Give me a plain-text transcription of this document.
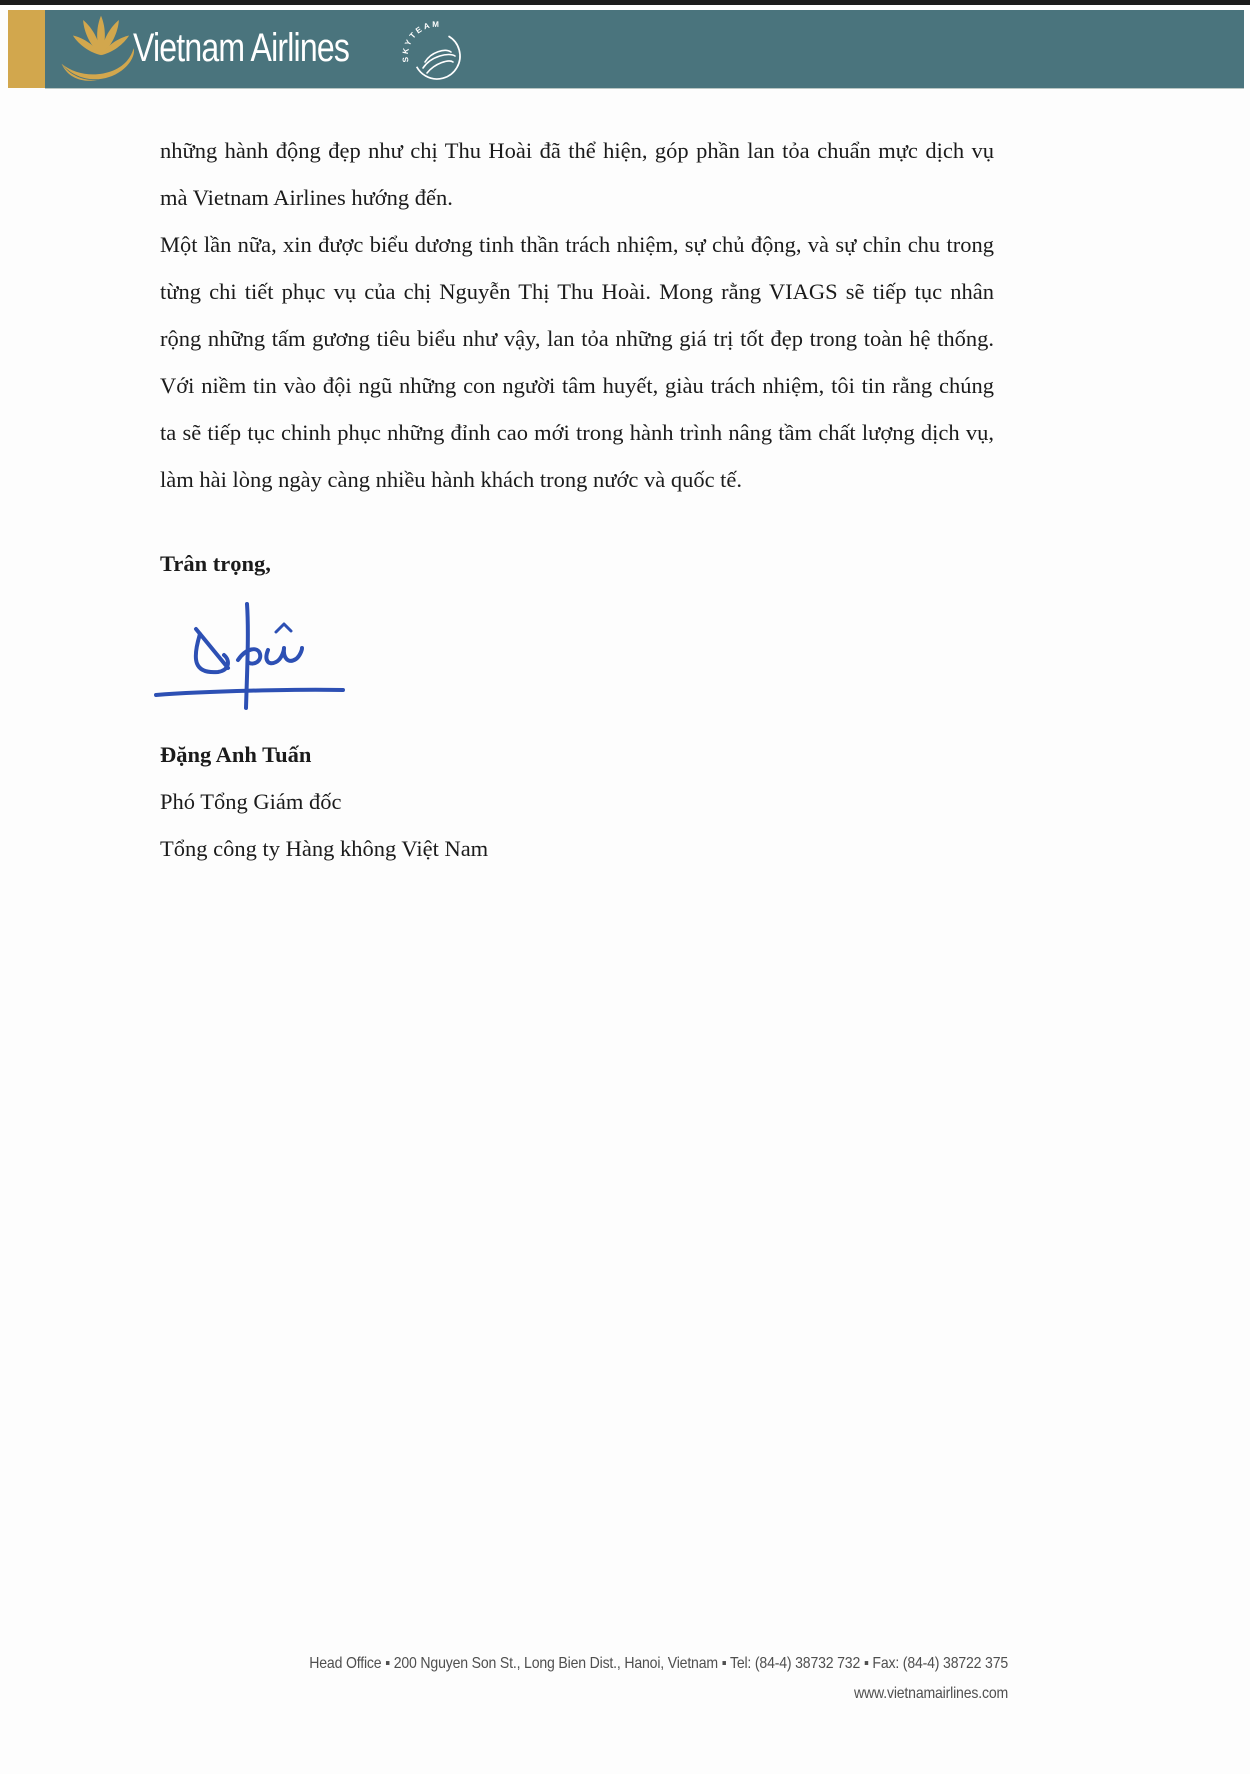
Vietnam Airlines	SKYTEAM

những hành động đẹp như chị Thu Hoài đã thể hiện, góp phần lan tỏa chuẩn mực dịch vụ mà Vietnam Airlines hướng đến.

Một lần nữa, xin được biểu dương tinh thần trách nhiệm, sự chủ động, và sự chỉn chu trong từng chi tiết phục vụ của chị Nguyễn Thị Thu Hoài. Mong rằng VIAGS sẽ tiếp tục nhân rộng những tấm gương tiêu biểu như vậy, lan tỏa những giá trị tốt đẹp trong toàn hệ thống. Với niềm tin vào đội ngũ những con người tâm huyết, giàu trách nhiệm, tôi tin rằng chúng ta sẽ tiếp tục chinh phục những đỉnh cao mới trong hành trình nâng tầm chất lượng dịch vụ, làm hài lòng ngày càng nhiều hành khách trong nước và quốc tế.

Trân trọng,
Đặng Anh Tuấn
Phó Tổng Giám đốc
Tổng công ty Hàng không Việt Nam
Head Office ▪ 200 Nguyen Son St., Long Bien Dist., Hanoi, Vietnam ▪ Tel: (84-4) 38732 732 ▪ Fax: (84-4) 38722 375
www.vietnamairlines.com
